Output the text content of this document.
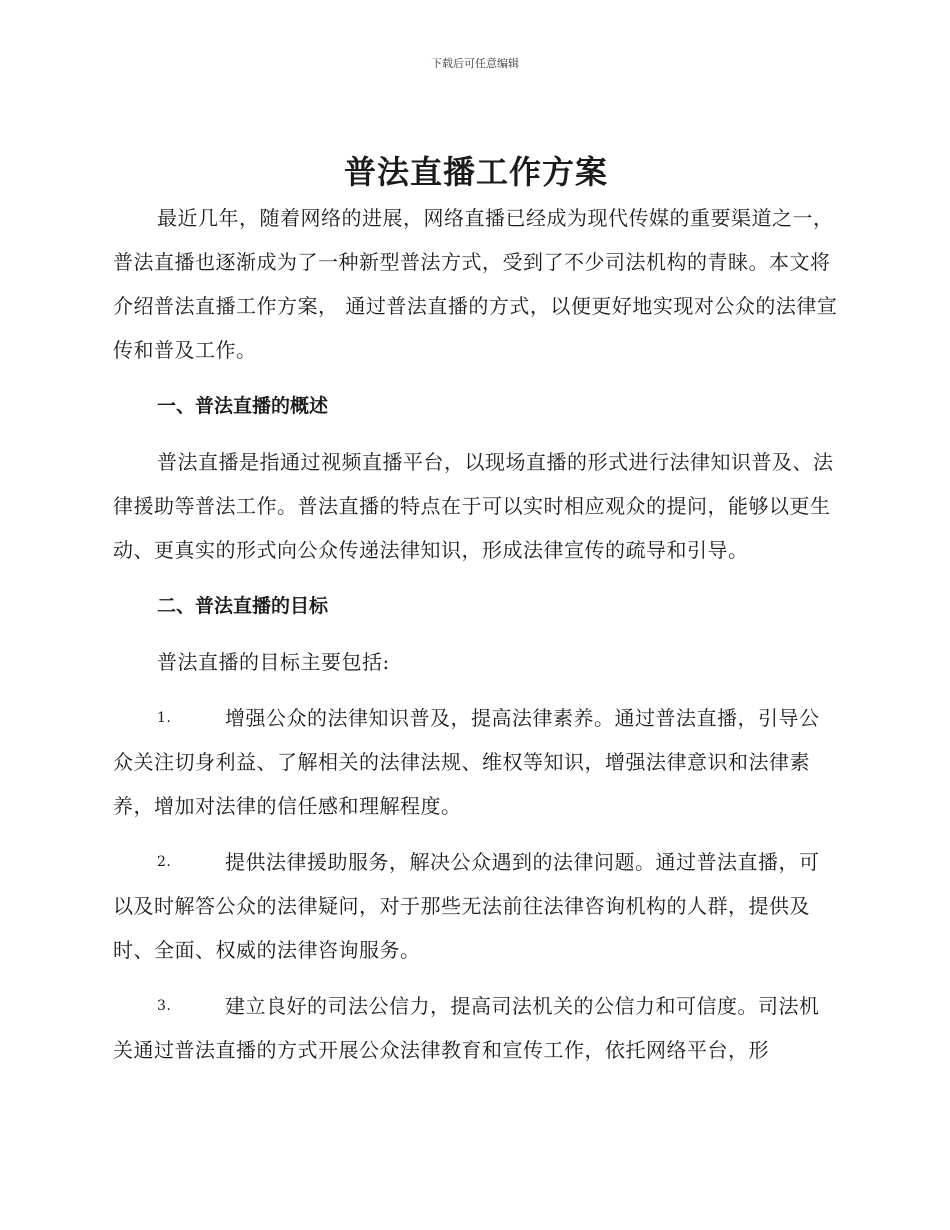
下载后可任意编辑
普法直播工作方案

最近几年，随着网络的进展，网络直播已经成为现代传媒的重要渠道之一，普法直播也逐渐成为了一种新型普法方式，受到了不少司法机构的青睐。本文将介绍普法直播工作方案， 通过普法直播的方式，以便更好地实现对公众的法律宣传和普及工作。

一、普法直播的概述

普法直播是指通过视频直播平台，以现场直播的形式进行法律知识普及、法律援助等普法工作。普法直播的特点在于可以实时相应观众的提问，能够以更生动、更真实的形式向公众传递法律知识，形成法律宣传的疏导和引导。

二、普法直播的目标

普法直播的目标主要包括:

1.	增强公众的法律知识普及，提高法律素养。通过普法直播，引导公众关注切身利益、了解相关的法律法规、维权等知识，增强法律意识和法律素养，增加对法律的信任感和理解程度。

2.	提供法律援助服务，解决公众遇到的法律问题。通过普法直播，可以及时解答公众的法律疑问，对于那些无法前往法律咨询机构的人群，提供及时、全面、权威的法律咨询服务。

3.	建立良好的司法公信力，提高司法机关的公信力和可信度。司法机关通过普法直播的方式开展公众法律教育和宣传工作，依托网络平台，形
